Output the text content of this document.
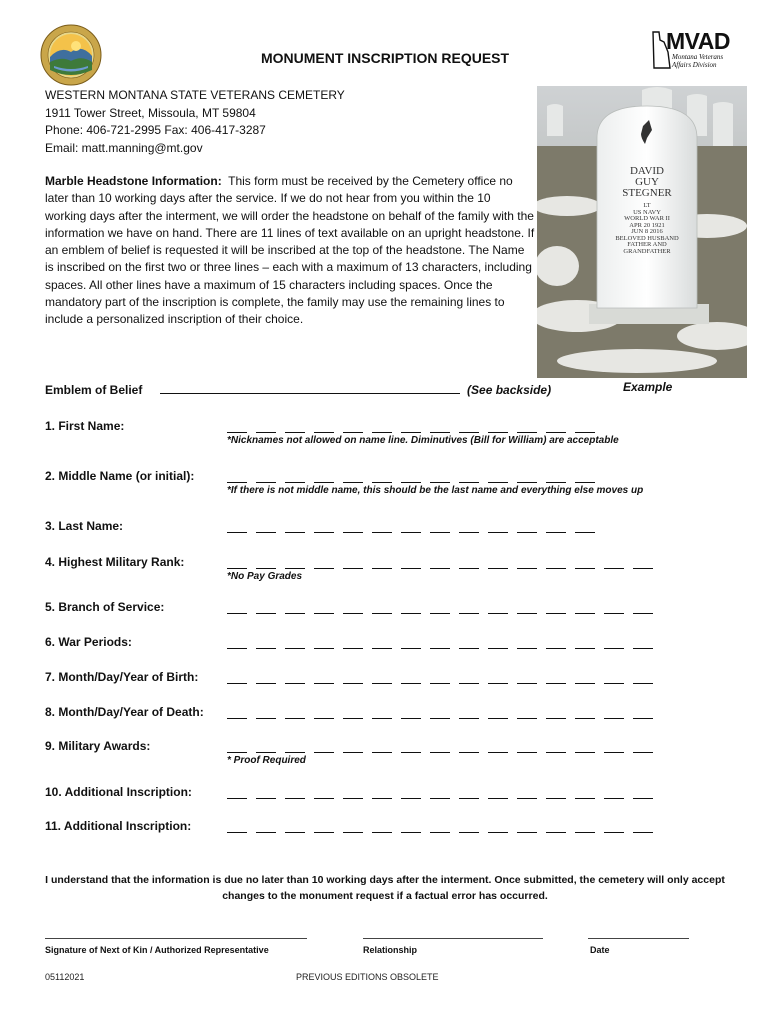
MVAD
Montana Veterans
Affairs Division
MONUMENT INSCRIPTION REQUEST
WESTERN MONTANA STATE VETERANS CEMETERY
1911 Tower Street, Missoula, MT 59804
Phone: 406-721-2995 Fax: 406-417-3287
Email: matt.manning@mt.gov
Marble Headstone Information: This form must be received by the Cemetery office no later than 10 working days after the service. If we do not hear from you within the 10 working days after the interment, we will order the headstone on behalf of the family with the information we have on hand. There are 11 lines of text available on an upright headstone. If an emblem of belief is requested it will be inscribed at the top of the headstone. The Name is inscribed on the first two or three lines – each with a maximum of 13 characters, including spaces. All other lines have a maximum of 15 characters including spaces. Once the mandatory part of the inscription is complete, the family may use the remaining lines to include a personalized inscription of their choice.
DAVID
GUY
STEGNER
LT
US NAVY
WORLD WAR II
APR 20 1921
JUN 8 2016
BELOVED HUSBAND
FATHER AND
GRANDFATHER
Example
Emblem of Belief	(See backside)
1. First Name:
*Nicknames not allowed on name line. Diminutives (Bill for William) are acceptable
2. Middle Name (or initial):
*If there is not middle name, this should be the last name and everything else moves up
3. Last Name:
4. Highest Military Rank:
*No Pay Grades
5. Branch of Service:
6. War Periods:
7. Month/Day/Year of Birth:
8. Month/Day/Year of Death:
9. Military Awards:
* Proof Required
10. Additional Inscription:
11. Additional Inscription:
I understand that the information is due no later than 10 working days after the interment. Once submitted, the cemetery will only accept changes to the monument request if a factual error has occurred.
Signature of Next of Kin / Authorized Representative	Relationship	Date
05112021	PREVIOUS EDITIONS OBSOLETE
